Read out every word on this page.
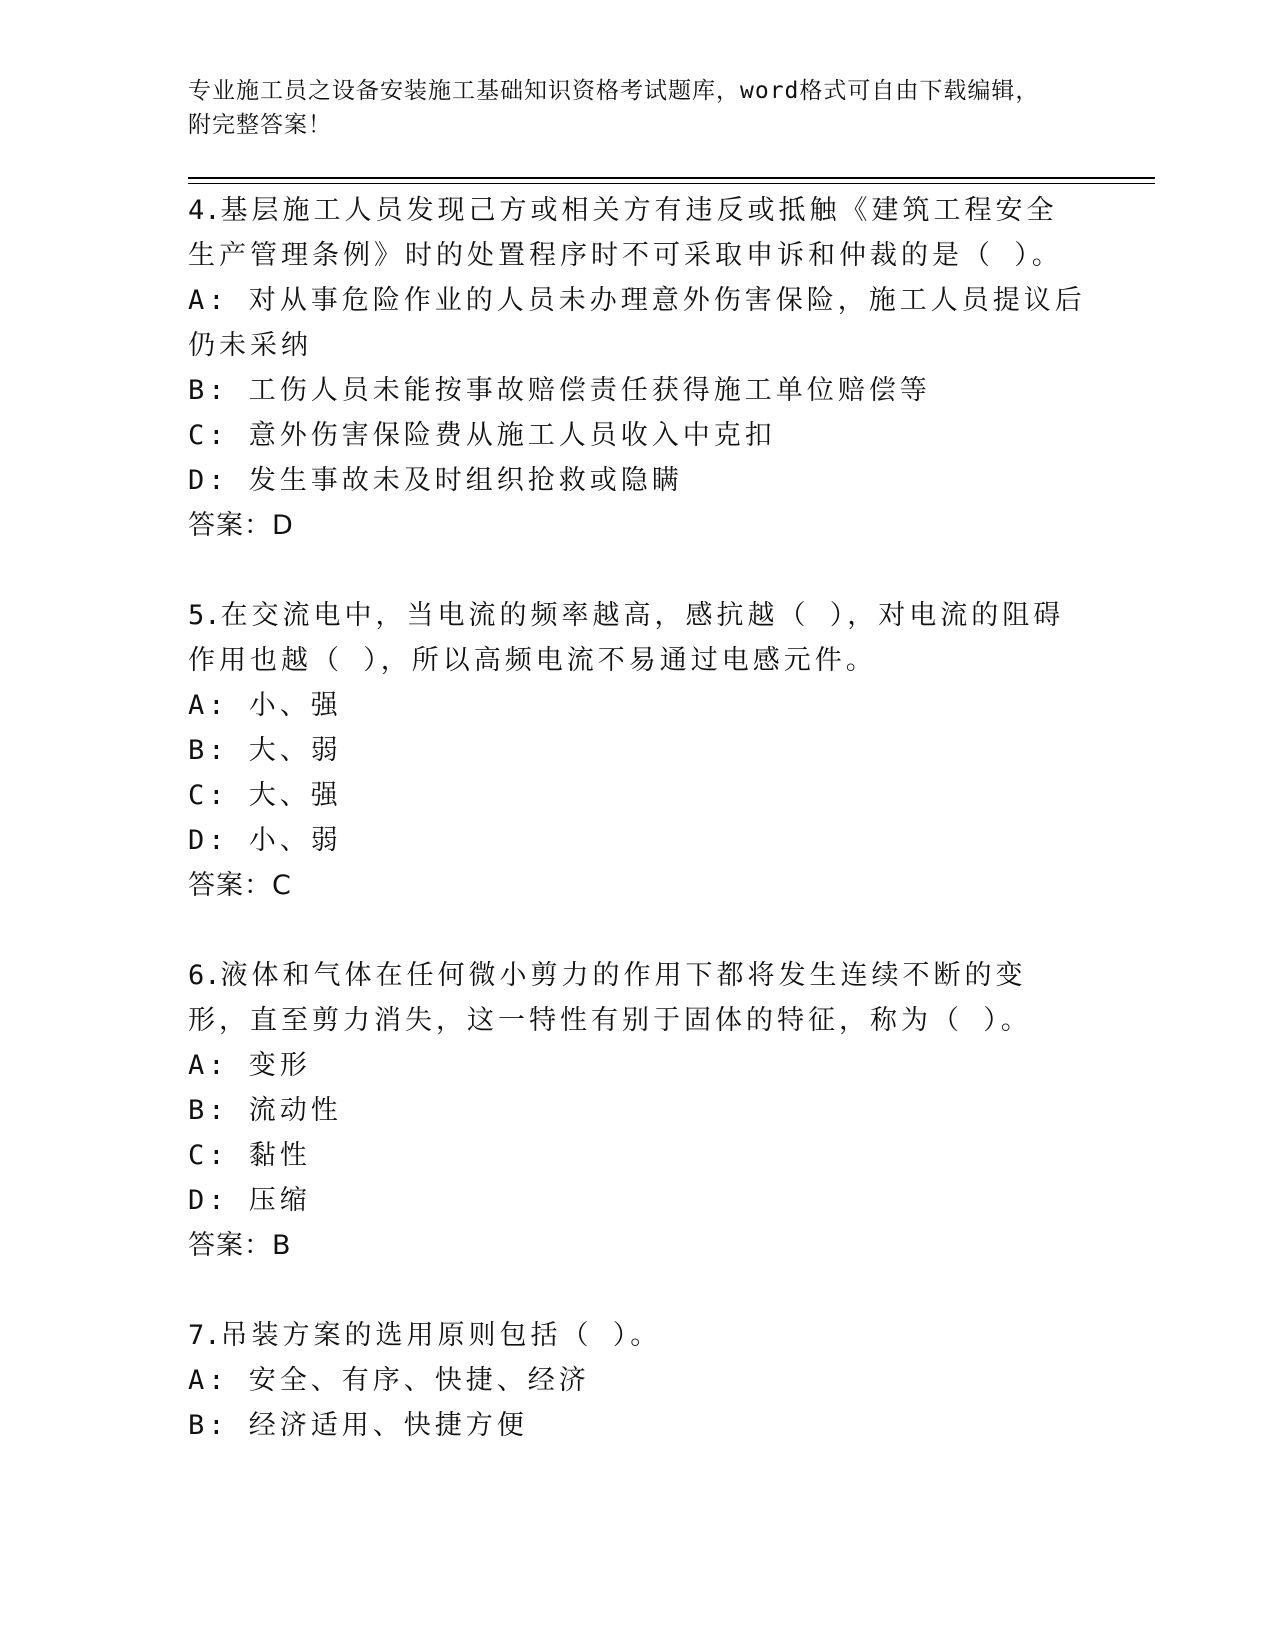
专业施工员之设备安装施工基础知识资格考试题库，word格式可自由下载编辑，
附完整答案！

4.基层施工人员发现己方或相关方有违反或抵触《建筑工程安全生产管理条例》时的处置程序时不可采取申诉和仲裁的是（ ）。

A: 对从事危险作业的人员未办理意外伤害保险，施工人员提议后仍未采纳

B: 工伤人员未能按事故赔偿责任获得施工单位赔偿等

C: 意外伤害保险费从施工人员收入中克扣

D: 发生事故未及时组织抢救或隐瞒

答案：D

5.在交流电中，当电流的频率越高，感抗越（ ），对电流的阻碍作用也越（ ），所以高频电流不易通过电感元件。

A: 小、强

B: 大、弱

C: 大、强

D: 小、弱

答案：C

6.液体和气体在任何微小剪力的作用下都将发生连续不断的变形，直至剪力消失，这一特性有别于固体的特征，称为（ ）。

A: 变形

B: 流动性

C: 黏性

D: 压缩

答案：B

7.吊装方案的选用原则包括（ ）。

A: 安全、有序、快捷、经济

B: 经济适用、快捷方便
